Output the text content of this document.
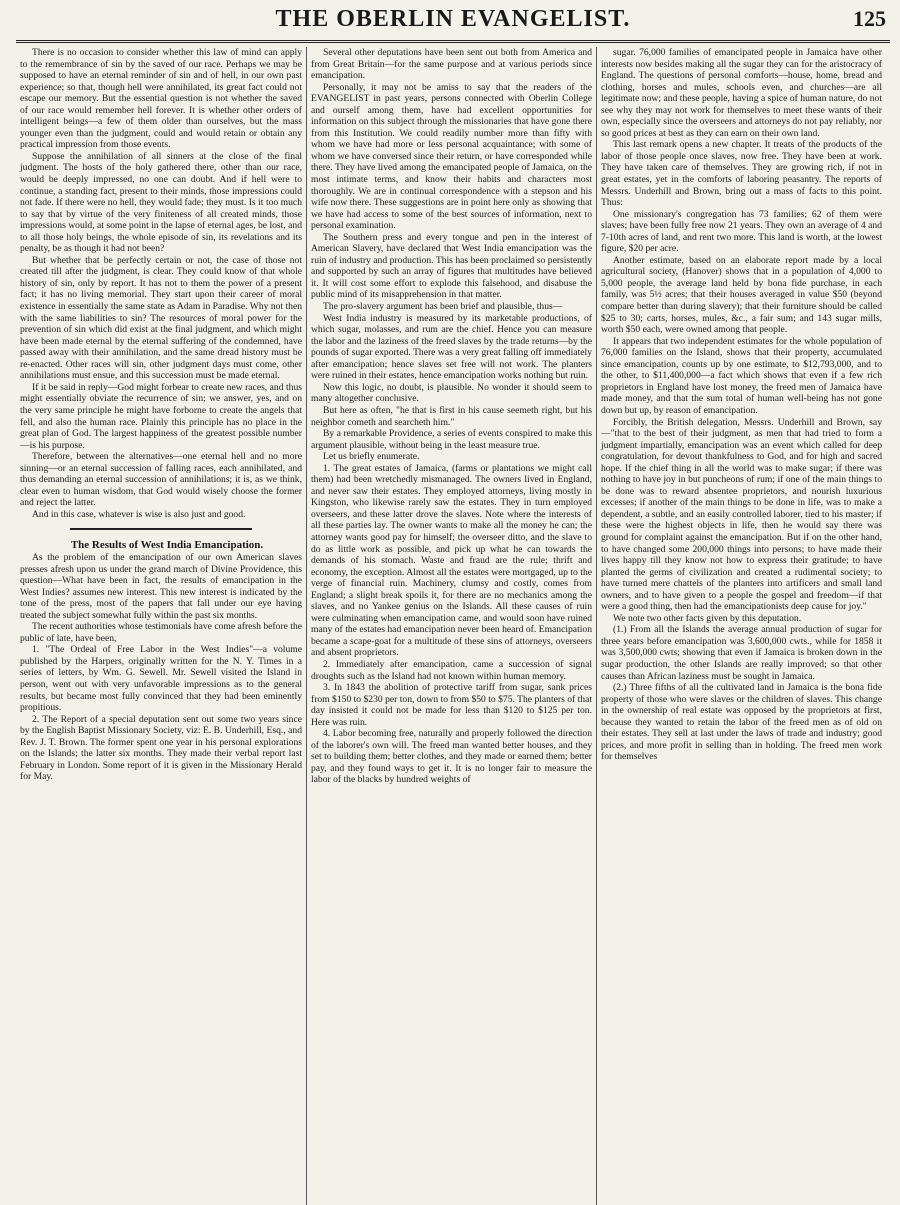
THE OBERLIN EVANGELIST.	125

There is no occasion to consider whether this law of mind can apply to the remembrance of sin by the saved of our race. Perhaps we may be supposed to have an eternal reminder of sin and of hell, in our own past experience; so that, though hell were annihilated, its great fact could not escape our memory. But the essential question is not whether the saved of our race would remember hell forever. It is whether other orders of intelligent beings—a few of them older than ourselves, but the mass younger even than the judgment, could and would retain or obtain any practical impression from those events.

Suppose the annihilation of all sinners at the close of the final judgment. The hosts of the holy gathered there, other than our race, would be deeply impressed, no one can doubt. And if hell were to continue, a standing fact, present to their minds, those impressions could not fade. If there were no hell, they would fade; they must. Is it too much to say that by virtue of the very finiteness of all created minds, those impressions would, at some point in the lapse of eternal ages, be lost, and to all those holy beings, the whole episode of sin, its revelations and its penalty, be as though it had not been?

But whether that be perfectly certain or not, the case of those not created till after the judgment, is clear. They could know of that whole history of sin, only by report. It has not to them the power of a present fact; it has no living memorial. They start upon their career of moral existence in essentially the same state as Adam in Paradise. Why not then with the same liabilities to sin? The resources of moral power for the prevention of sin which did exist at the final judgment, and which might have been made eternal by the eternal suffering of the condemned, have passed away with their annihilation, and the same dread history must be re-enacted. Other races will sin, other judgment days must come, other annihilations must ensue, and this succession must be made eternal.

If it be said in reply—God might forbear to create new races, and thus might essentially obviate the recurrence of sin; we answer, yes, and on the very same principle he might have forborne to create the angels that fell, and also the human race. Plainly this principle has no place in the great plan of God. The largest happiness of the greatest possible number—is his purpose.

Therefore, between the alternatives—one eternal hell and no more sinning—or an eternal succession of falling races, each annihilated, and thus demanding an eternal succession of annihilations; it is, as we think, clear even to human wisdom, that God would wisely choose the former and reject the latter.

And in this case, whatever is wise is also just and good.

The Results of West India Emancipation.

As the problem of the emancipation of our own American slaves presses afresh upon us under the grand march of Divine Providence, this question—What have been in fact, the results of emancipation in the West Indies? assumes new interest. This new interest is indicated by the tone of the press, most of the papers that fall under our eye having treated the subject somewhat fully within the past six months.

The recent authorities whose testimonials have come afresh before the public of late, have been,

1. "The Ordeal of Free Labor in the West Indies"—a volume published by the Harpers, originally written for the N. Y. Times in a series of letters, by Wm. G. Sewell. Mr. Sewell visited the Island in person, went out with very unfavorable impressions as to the general results, but became most fully convinced that they had been eminently propitious.

2. The Report of a special deputation sent out some two years since by the English Baptist Missionary Society, viz: E. B. Underhill, Esq., and Rev. J. T. Brown. The former spent one year in his personal explorations on the Islands; the latter six months. They made their verbal report last February in London. Some report of it is given in the Missionary Herald for May.

Several other deputations have been sent out both from America and from Great Britain—for the same purpose and at various periods since emancipation.

Personally, it may not be amiss to say that the readers of the EVANGELIST in past years, persons connected with Oberlin College and ourself among them, have had excellent opportunities for information on this subject through the missionaries that have gone there from this Institution. We could readily number more than fifty with whom we have had more or less personal acquaintance; with some of whom we have conversed since their return, or have corresponded while there. They have lived among the emancipated people of Jamaica, on the most intimate terms, and know their habits and characters most thoroughly. We are in continual correspondence with a stepson and his wife now there. These suggestions are in point here only as showing that we have had access to some of the best sources of information, next to personal examination.

The Southern press and every tongue and pen in the interest of American Slavery, have declared that West India emancipation was the ruin of industry and production. This has been proclaimed so persistently and supported by such an array of figures that multitudes have believed it. It will cost some effort to explode this falsehood, and disabuse the public mind of its misapprehension in that matter.

The pro-slavery argument has been brief and plausible, thus—

West India industry is measured by its marketable productions, of which sugar, molasses, and rum are the chief. Hence you can measure the labor and the laziness of the freed slaves by the trade returns—by the pounds of sugar exported. There was a very great falling off immediately after emancipation; hence slaves set free will not work. The planters were ruined in their estates, hence emancipation works nothing but ruin.

Now this logic, no doubt, is plausible. No wonder it should seem to many altogether conclusive.

But here as often, "he that is first in his cause seemeth right, but his neighbor cometh and searcheth him."

By a remarkable Providence, a series of events conspired to make this argument plausible, without being in the least measure true.

Let us briefly enumerate.

1. The great estates of Jamaica, (farms or plantations we might call them) had been wretchedly mismanaged. The owners lived in England, and never saw their estates. They employed attorneys, living mostly in Kingston, who likewise rarely saw the estates. They in turn employed overseers, and these latter drove the slaves. Note where the interests of all these parties lay. The owner wants to make all the money he can; the attorney wants good pay for himself; the overseer ditto, and the slave to do as little work as possible, and pick up what he can towards the demands of his stomach. Waste and fraud are the rule; thrift and economy, the exception. Almost all the estates were mortgaged, up to the verge of financial ruin. Machinery, clumsy and costly, comes from England; a slight break spoils it, for there are no mechanics among the slaves, and no Yankee genius on the Islands. All these causes of ruin were culminating when emancipation came, and would soon have ruined many of the estates had emancipation never been heard of. Emancipation became a scape-goat for a multitude of these sins of attorneys, overseers and absent proprietors.

2. Immediately after emancipation, came a succession of signal droughts such as the Island had not known within human memory.

3. In 1843 the abolition of protective tariff from sugar, sank prices from $150 to $230 per ton, down to from $50 to $75. The planters of that day insisted it could not be made for less than $120 to $125 per ton. Here was ruin.

4. Labor becoming free, naturally and properly followed the direction of the laborer's own will. The freed man wanted better houses, and they set to building them; better clothes, and they made or earned them; better pay, and they found ways to get it. It is no longer fair to measure the labor of the blacks by hundred weights of

sugar. 76,000 families of emancipated people in Jamaica have other interests now besides making all the sugar they can for the aristocracy of England. The questions of personal comforts—house, home, bread and clothing, horses and mules, schools even, and churches—are all legitimate now; and these people, having a spice of human nature, do not see why they may not work for themselves to meet these wants of their own, especially since the overseers and attorneys do not pay reliably, nor so good prices at best as they can earn on their own land.

This last remark opens a new chapter. It treats of the products of the labor of those people once slaves, now free. They have been at work. They have taken care of themselves. They are growing rich, if not in great estates, yet in the comforts of laboring peasantry. The reports of Messrs. Underhill and Brown, bring out a mass of facts to this point. Thus:

One missionary's congregation has 73 families; 62 of them were slaves; have been fully free now 21 years. They own an average of 4 and 7-10th acres of land, and rent two more. This land is worth, at the lowest figure, $20 per acre.

Another estimate, based on an elaborate report made by a local agricultural society, (Hanover) shows that in a population of 4,000 to 5,000 people, the average land held by bona fide purchase, in each family, was 5½ acres; that their houses averaged in value $50 (beyond compare better than during slavery); that their furniture should be called $25 to 30; carts, horses, mules, &c., a fair sum; and 143 sugar mills, worth $50 each, were owned among that people.

It appears that two independent estimates for the whole population of 76,000 families on the Island, shows that their property, accumulated since emancipation, counts up by one estimate, to $12,793,000, and to the other, to $11,400,000—a fact which shows that even if a few rich proprietors in England have lost money, the freed men of Jamaica have made money, and that the sum total of human well-being has not gone down but up, by reason of emancipation.

Forcibly, the British delegation, Messrs. Underhill and Brown, say—"that to the best of their judgment, as men that had tried to form a judgment impartially, emancipation was an event which called for deep congratulation, for devout thankfulness to God, and for high and sacred hope. If the chief thing in all the world was to make sugar; if there was nothing to have joy in but puncheons of rum; if one of the main things to be done was to reward absentee proprietors, and nourish luxurious excesses; if another of the main things to be done in life, was to make a dependent, a subtle, and an easily controlled laborer, tied to his master; if these were the highest objects in life, then he would say there was ground for complaint against the emancipation. But if on the other hand, to have changed some 200,000 things into persons; to have made their lives happy till they know not how to express their gratitude; to have planted the germs of civilization and created a rudimental society; to have turned mere chattels of the planters into artificers and small land owners, and to have given to a people the gospel and freedom—if that were a good thing, then had the emancipationists deep cause for joy."

We note two other facts given by this deputation.

(1.) From all the Islands the average annual production of sugar for three years before emancipation was 3,600,000 cwts., while for 1858 it was 3,500,000 cwts; showing that even if Jamaica is broken down in the sugar production, the other Islands are really improved; so that other causes than African laziness must be sought in Jamaica.

(2.) Three fifths of all the cultivated land in Jamaica is the bona fide property of those who were slaves or the children of slaves. This change in the ownership of real estate was opposed by the proprietors at first, because they wanted to retain the labor of the freed men as of old on their estates. They sell at last under the laws of trade and industry; good prices, and more profit in selling than in holding. The freed men work for themselves
